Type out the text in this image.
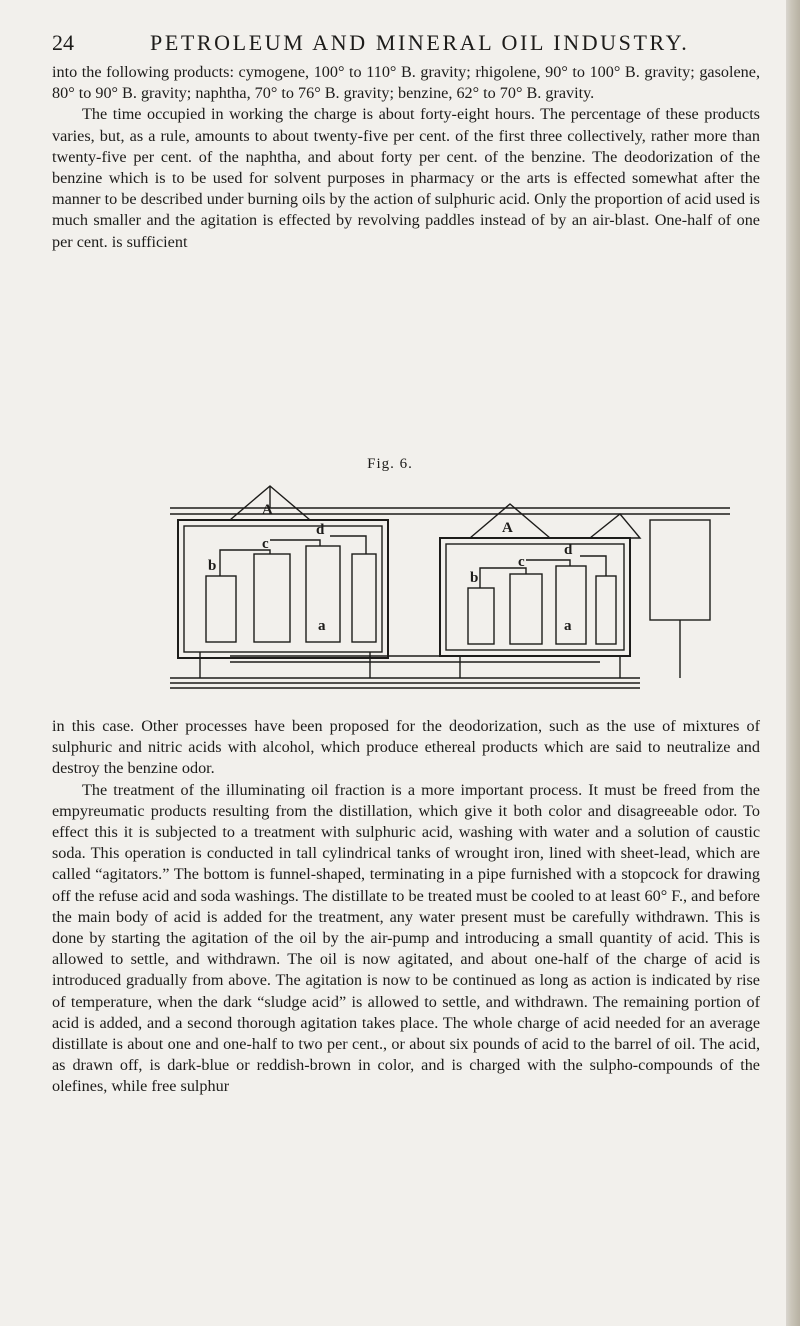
24	PETROLEUM AND MINERAL OIL INDUSTRY.

into the following products: cymogene, 100° to 110° B. gravity; rhigolene, 90° to 100° B. gravity; gasolene, 80° to 90° B. gravity; naphtha, 70° to 76° B. gravity; benzine, 62° to 70° B. gravity.

The time occupied in working the charge is about forty-eight hours. The percentage of these products varies, but, as a rule, amounts to about twenty-five per cent. of the first three collectively, rather more than twenty-five per cent. of the naphtha, and about forty per cent. of the benzine. The deodorization of the benzine which is to be used for solvent purposes in pharmacy or the arts is effected somewhat after the manner to be described under burning oils by the action of sulphuric acid. Only the proportion of acid used is much smaller and the agitation is effected by revolving paddles instead of by an air-blast. One-half of one per cent. is sufficient

Fig. 6.
A
b
c
d
a
A
b
c
d
a

in this case. Other processes have been proposed for the deodorization, such as the use of mixtures of sulphuric and nitric acids with alcohol, which produce ethereal products which are said to neutralize and destroy the benzine odor.

The treatment of the illuminating oil fraction is a more important process. It must be freed from the empyreumatic products resulting from the distillation, which give it both color and disagreeable odor. To effect this it is subjected to a treatment with sulphuric acid, washing with water and a solution of caustic soda. This operation is conducted in tall cylindrical tanks of wrought iron, lined with sheet-lead, which are called “agitators.” The bottom is funnel-shaped, terminating in a pipe furnished with a stopcock for drawing off the refuse acid and soda washings. The distillate to be treated must be cooled to at least 60° F., and before the main body of acid is added for the treatment, any water present must be carefully withdrawn. This is done by starting the agitation of the oil by the air-pump and introducing a small quantity of acid. This is allowed to settle, and withdrawn. The oil is now agitated, and about one-half of the charge of acid is introduced gradually from above. The agitation is now to be continued as long as action is indicated by rise of temperature, when the dark “sludge acid” is allowed to settle, and withdrawn. The remaining portion of acid is added, and a second thorough agitation takes place. The whole charge of acid needed for an average distillate is about one and one-half to two per cent., or about six pounds of acid to the barrel of oil. The acid, as drawn off, is dark-blue or reddish-brown in color, and is charged with the sulpho-compounds of the olefines, while free sulphur
